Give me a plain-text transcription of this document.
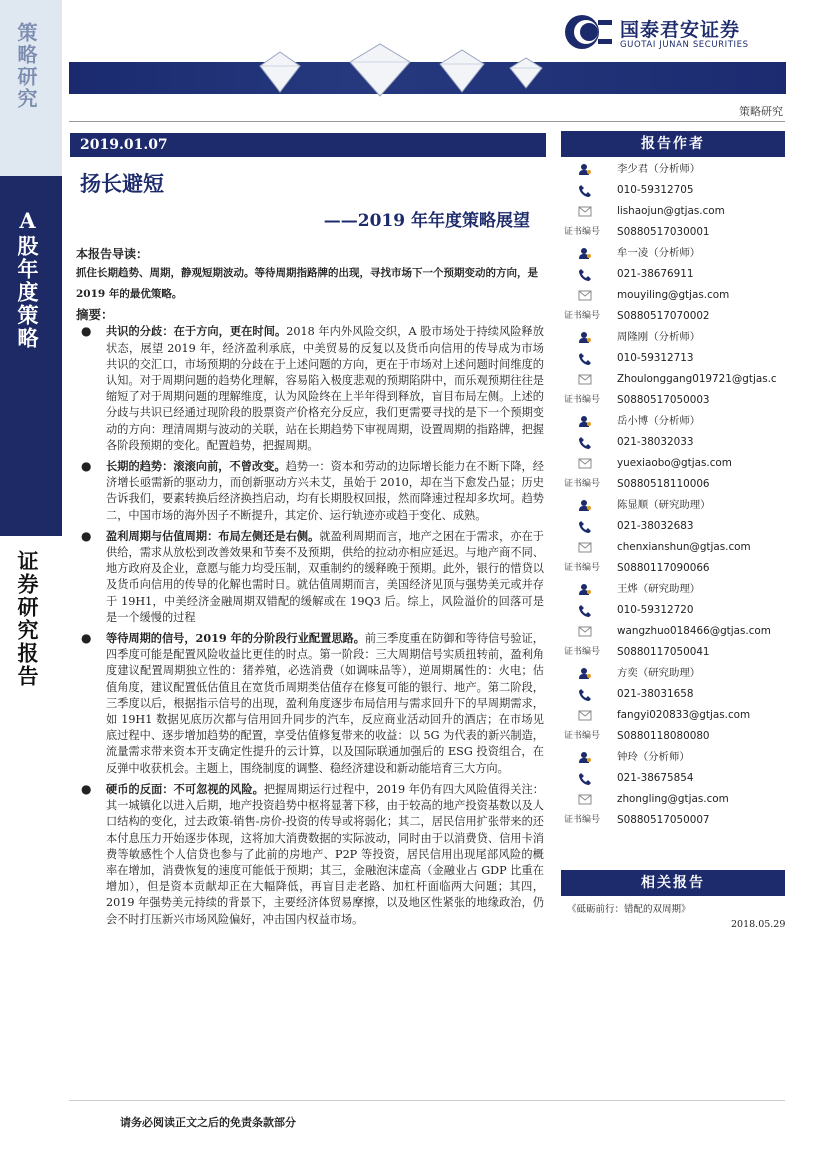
策略研究
A股年度策略
证券研究报告
国泰君安证券
GUOTAI JUNAN SECURITIES
策略研究
2019.01.07
扬长避短
——2019 年年度策略展望
本报告导读：
抓住长期趋势、周期，静观短期波动。等待周期指路牌的出现，寻找市场下一个预期变动的方向，是 2019 年的最优策略。
摘要：
● 共识的分歧：在于方向，更在时间。2018 年内外风险交织，A 股市场处于持续风险释放状态，展望 2019 年，经济盈利承底，中美贸易的反复以及货币向信用的传导成为市场共识的交汇口，市场预期的分歧在于上述问题的方向，更在于市场对上述问题时间维度的认知。对于周期问题的趋势化理解，容易陷入极度悲观的预期陷阱中，而乐观预期往往是缩短了对于周期问题的理解维度，认为风险终在上半年得到释放，盲目布局左侧。上述的分歧与共识已经通过现阶段的股票资产价格充分反应，我们更需要寻找的是下一个预期变动的方向：理清周期与波动的关联，站在长期趋势下审视周期，设置周期的指路牌，把握各阶段预期的变化。配置趋势，把握周期。
● 长期的趋势：滚滚向前，不曾改变。趋势一：资本和劳动的边际增长能力在不断下降，经济增长亟需新的驱动力，而创新驱动方兴未艾，虽始于 2010，却在当下愈发凸显；历史告诉我们，要素转换后经济换挡启动，均有长期股权回报，然而降速过程却多坎坷。趋势二，中国市场的海外因子不断提升，其定价、运行轨迹亦或趋于变化、成熟。
● 盈利周期与估值周期：布局左侧还是右侧。就盈利周期而言，地产之困在于需求，亦在于供给，需求从放松到改善效果和节奏不及预期，供给的拉动亦相应延迟。与地产商不同、地方政府及企业，意愿与能力均受压制，双重制约的缓释晚于预期。此外，银行的惜贷以及货币向信用的传导的化解也需时日。就估值周期而言，美国经济见顶与强势美元或并存于 19H1，中美经济金融周期双错配的缓解或在 19Q3 后。综上，风险溢价的回落可是是一个缓慢的过程
● 等待周期的信号，2019 年的分阶段行业配置思路。前三季度重在防御和等待信号验证，四季度可能是配置风险收益比更佳的时点。第一阶段：三大周期信号实质扭转前，盈利角度建议配置周期独立性的：猪养殖，必选消费（如调味品等），逆周期属性的：火电；估值角度，建议配置低估值且在宽货币周期类估值存在修复可能的银行、地产。第二阶段，三季度以后，根据指示信号的出现，盈利角度逐步布局信用与需求回升下的早周期需求，如 19H1 数据见底历次都与信用回升同步的汽车，反应商业活动回升的酒店；在市场见底过程中、逐步增加趋势的配置，享受估值修复带来的收益：以 5G 为代表的新兴制造，流量需求带来资本开支确定性提升的云计算，以及国际联通加强后的 ESG 投资组合，在反弹中收获机会。主题上，围绕制度的调整、稳经济建设和新动能培育三大方向。
● 硬币的反面：不可忽视的风险。把握周期运行过程中，2019 年仍有四大风险值得关注：其一城镇化以进入后期，地产投资趋势中枢将显著下移，由于较高的地产投资基数以及人口结构的变化，过去政策-销售-房价-投资的传导或将弱化；其二，居民信用扩张带来的还本付息压力开始逐步体现，这将加大消费数据的实际波动，同时由于以消费贷、信用卡消费等敏感性个人信贷也参与了此前的房地产、P2P 等投资，居民信用出现尾部风险的概率在增加，消费恢复的速度可能低于预期；其三，金融泡沫虚高（金融业占 GDP 比重在增加），但是资本贡献却正在大幅降低，再盲目走老路、加杠杆面临两大问题；其四，2019 年强势美元持续的背景下，主要经济体贸易摩擦，以及地区性紧张的地缘政治，仍会不时打压新兴市场风险偏好，冲击国内权益市场。
请务必阅读正文之后的免责条款部分
报告作者
李少君（分析师）
010-59312705
lishaojun@gtjas.com
证书编号 S0880517030001
牟一凌（分析师）
021-38676911
mouyiling@gtjas.com
证书编号 S0880517070002
周隆刚（分析师）
010-59312713
Zhoulonggang019721@gtjas.c
证书编号 S0880517050003
岳小博（分析师）
021-38032033
yuexiaobo@gtjas.com
证书编号 S0880518110006
陈显顺（研究助理）
021-38032683
chenxianshun@gtjas.com
证书编号 S0880117090066
王烨（研究助理）
010-59312720
wangzhuo018466@gtjas.com
证书编号 S0880117050041
方奕（研究助理）
021-38031658
fangyi020833@gtjas.com
证书编号 S0880118080080
钟玲（分析师）
021-38675854
zhongling@gtjas.com
证书编号 S0880517050007
相关报告
《砥砺前行：错配的双周期》
2018.05.29
